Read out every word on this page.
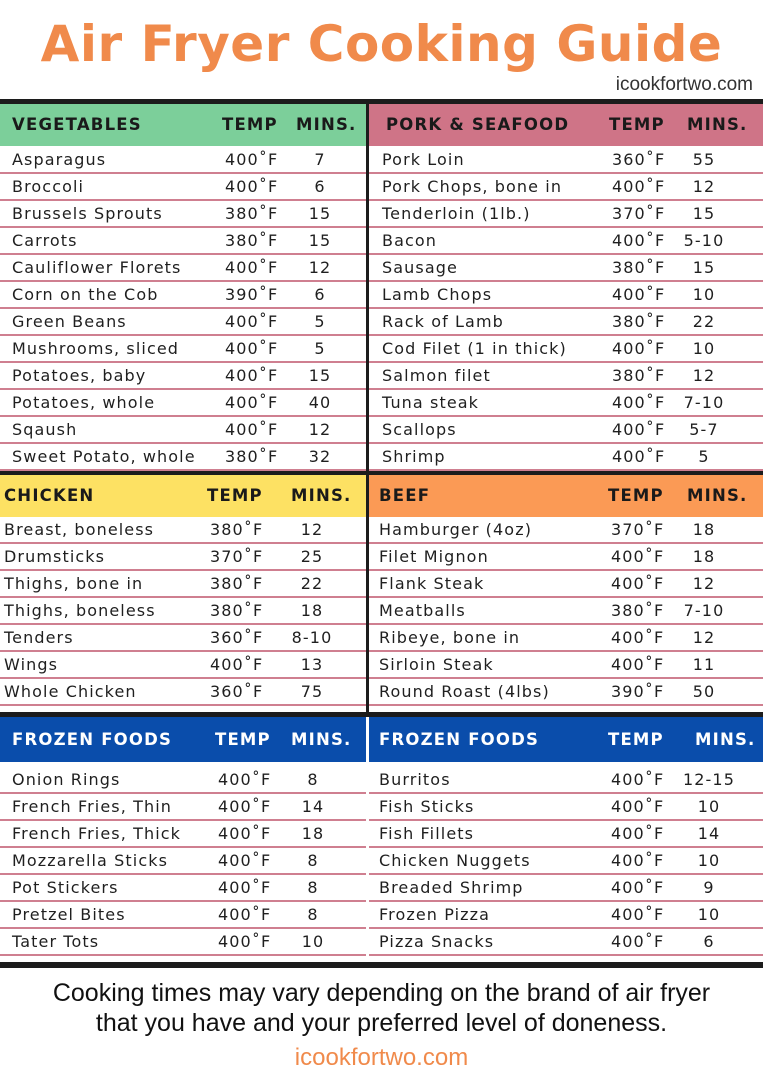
Air Fryer Cooking Guide
icookfortwo.com
VEGETABLES	TEMP MINS.
Asparagus	400˚F	7
Broccoli	400˚F	6
Brussels Sprouts	380˚F	15
Carrots	380˚F	15
Cauliflower Florets	400˚F	12
Corn on the Cob	390˚F	6
Green Beans	400˚F	5
Mushrooms, sliced	400˚F	5
Potatoes, baby	400˚F	15
Potatoes, whole	400˚F	40
Sqaush	400˚F	12
Sweet Potato, whole 380˚F	32
PORK & SEAFOOD TEMP MINS.
Pork Loin	360˚F	55
Pork Chops, bone in	400˚F	12
Tenderloin (1lb.)	370˚F	15
Bacon	400˚F	5-10
Sausage	380˚F	15
Lamb Chops	400˚F	10
Rack of Lamb	380˚F	22
Cod Filet (1 in thick)	400˚F	10
Salmon filet	380˚F	12
Tuna steak	400˚F	7-10
Scallops	400˚F	5-7
Shrimp	400˚F	5
CHICKEN	TEMP MINS.
Breast, boneless	380˚F	12
Drumsticks	370˚F	25
Thighs, bone in	380˚F	22
Thighs, boneless	380˚F	18
Tenders	360˚F	8-10
Wings	400˚F	13
Whole Chicken	360˚F	75
BEEF	TEMP MINS.
Hamburger (4oz)	370˚F	18
Filet Mignon	400˚F	18
Flank Steak	400˚F	12
Meatballs	380˚F	7-10
Ribeye, bone in	400˚F	12
Sirloin Steak	400˚F	11
Round Roast (4lbs)	390˚F	50
FROZEN FOODS	TEMP MINS.
Onion Rings	400˚F	8
French Fries, Thin	400˚F	14
French Fries, Thick 400˚F	18
Mozzarella Sticks	400˚F	8
Pot Stickers	400˚F	8
Pretzel Bites	400˚F	8
Tater Tots	400˚F	10
FROZEN FOODS	TEMP MINS.
Burritos	400˚F 12-15
Fish Sticks	400˚F	10
Fish Fillets	400˚F	14
Chicken Nuggets	400˚F	10
Breaded Shrimp	400˚F	9
Frozen Pizza	400˚F	10
Pizza Snacks	400˚F	6
Cooking times may vary depending on the brand of air fryer
that you have and your preferred level of doneness.
icookfortwo.com
